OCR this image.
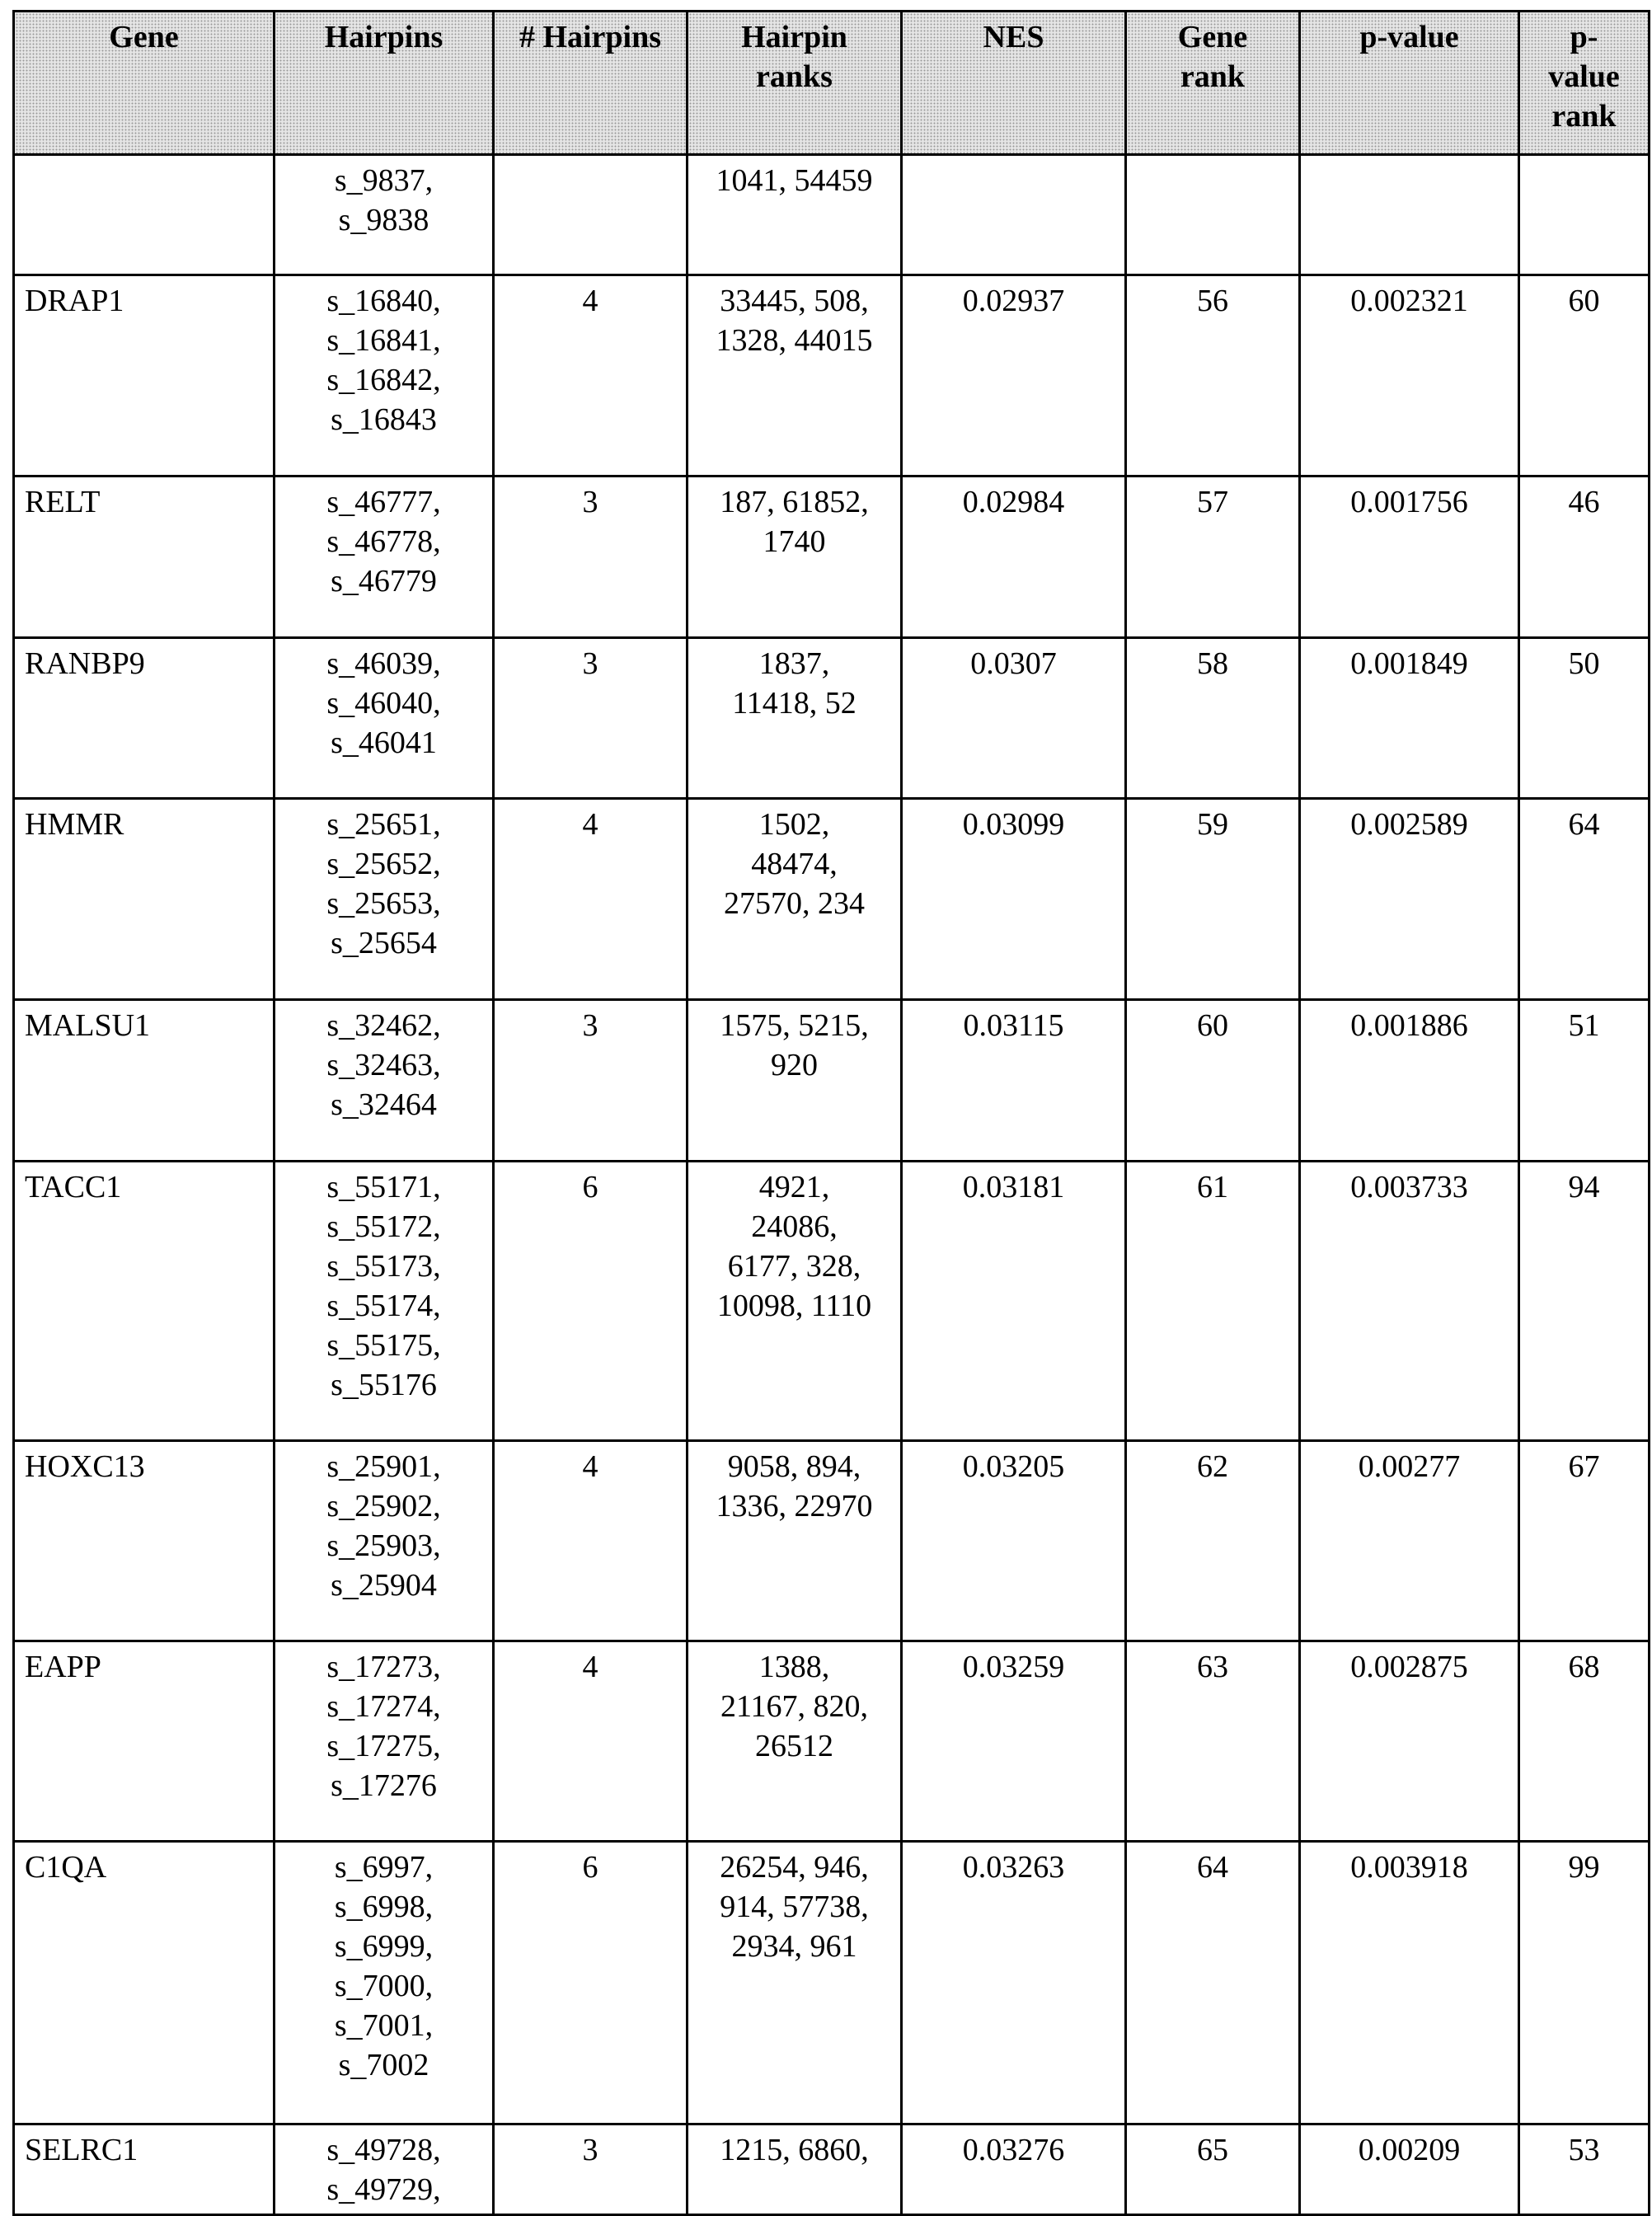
Gene	Hairpins	# Hairpins	Hairpin
ranks

NES	Gene
rank

p-value	p-
value
rank

s_9837,
s_9838

1041, 54459

DRAP1	s_16840,
s_16841,
s_16842,
s_16843
	4	33445, 508,
1328, 44015
	0.02937	56	0.002321	60
RELT	s_46777,
s_46778,
s_46779
	3	187, 61852,
1740
	0.02984	57	0.001756	46
RANBP9	s_46039,
s_46040,
s_46041
	3	1837,
11418, 52
	0.0307	58	0.001849	50
HMMR	s_25651,
s_25652,
s_25653,
s_25654
	4	1502,
48474,
27570, 234
	0.03099	59	0.002589	64
MALSU1	s_32462,
s_32463,
s_32464
	3	1575, 5215,
920
	0.03115	60	0.001886	51
TACC1	s_55171,
s_55172,
s_55173,
s_55174,
s_55175,
s_55176
	6	4921,
24086,
6177, 328,
10098, 1110
	0.03181	61	0.003733	94
HOXC13	s_25901,
s_25902,
s_25903,
s_25904
	4	9058, 894,
1336, 22970
	0.03205	62	0.00277	67
EAPP	s_17273,
s_17274,
s_17275,
s_17276
	4	1388,
21167, 820,
26512
	0.03259	63	0.002875	68
C1QA	s_6997,
s_6998,
s_6999,
s_7000,
s_7001,
s_7002
	6	26254, 946,
914, 57738,
2934, 961
	0.03263	64	0.003918	99
SELRC1	s_49728,
s_49729,
	3	1215, 6860,	0.03276	65	0.00209	53
